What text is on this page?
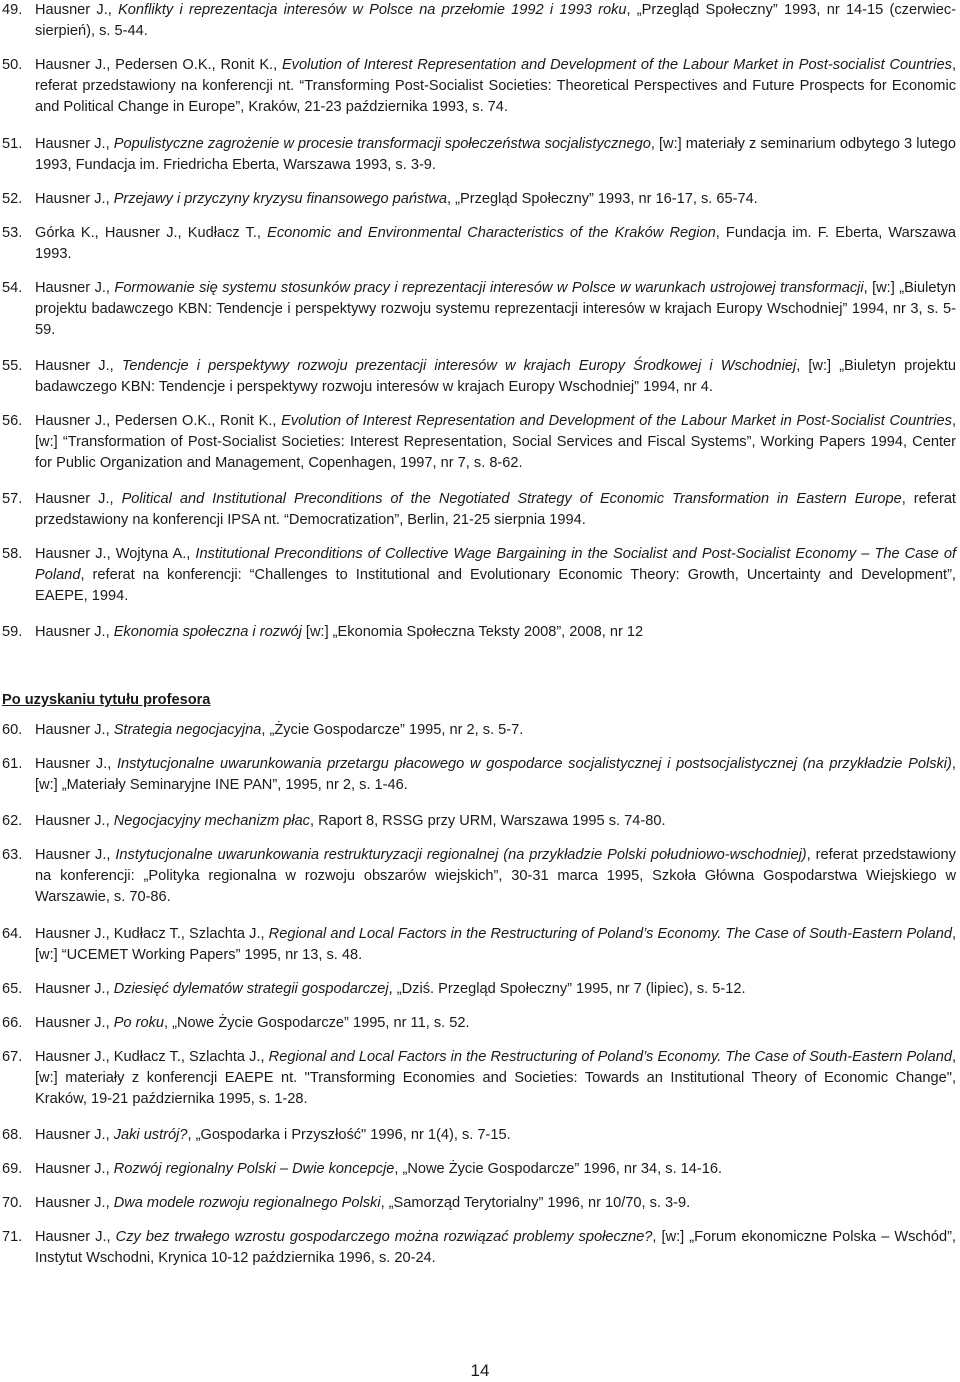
49. Hausner J., Konflikty i reprezentacja interesów w Polsce na przełomie 1992 i 1993 roku, „Przegląd Społeczny” 1993, nr 14-15 (czerwiec-sierpień), s. 5-44.
50. Hausner J., Pedersen O.K., Ronit K., Evolution of Interest Representation and Development of the Labour Market in Post-socialist Countries, referat przedstawiony na konferencji nt. “Transforming Post-Socialist Societies: Theoretical Perspectives and Future Prospects for Economic and Political Change in Europe”, Kraków, 21-23 października 1993, s. 74.
51. Hausner J., Populistyczne zagrożenie w procesie transformacji społeczeństwa socjalistycznego, [w:] materiały z seminarium odbytego 3 lutego 1993, Fundacja im. Friedricha Eberta, Warszawa 1993, s. 3-9.
52. Hausner J., Przejawy i przyczyny kryzysu finansowego państwa, „Przegląd Społeczny” 1993, nr 16-17, s. 65-74.
53. Górka K., Hausner J., Kudłacz T., Economic and Environmental Characteristics of the Kraków Region, Fundacja im. F. Eberta, Warszawa 1993.
54. Hausner J., Formowanie się systemu stosunków pracy i reprezentacji interesów w Polsce w warunkach ustrojowej transformacji, [w:] „Biuletyn projektu badawczego KBN: Tendencje i perspektywy rozwoju systemu reprezentacji interesów w krajach Europy Wschodniej” 1994, nr 3, s. 5-59.
55. Hausner J., Tendencje i perspektywy rozwoju prezentacji interesów w krajach Europy Środkowej i Wschodniej, [w:] „Biuletyn projektu badawczego KBN: Tendencje i perspektywy rozwoju interesów w krajach Europy Wschodniej” 1994, nr 4.
56. Hausner J., Pedersen O.K., Ronit K., Evolution of Interest Representation and Development of the Labour Market in Post-Socialist Countries, [w:] “Transformation of Post-Socialist Societies: Interest Representation, Social Services and Fiscal Systems”, Working Papers 1994, Center for Public Organization and Management, Copenhagen, 1997, nr 7, s. 8-62.
57. Hausner J., Political and Institutional Preconditions of the Negotiated Strategy of Economic Transformation in Eastern Europe, referat przedstawiony na konferencji IPSA nt. “Democratization”, Berlin, 21-25 sierpnia 1994.
58. Hausner J., Wojtyna A., Institutional Preconditions of Collective Wage Bargaining in the Socialist and Post-Socialist Economy – The Case of Poland, referat na konferencji: “Challenges to Institutional and Evolutionary Economic Theory: Growth, Uncertainty and Development”, EAEPE, 1994.
59. Hausner J., Ekonomia społeczna i rozwój [w:] „Ekonomia Społeczna Teksty 2008”, 2008, nr 12
Po uzyskaniu tytułu profesora
60. Hausner J., Strategia negocjacyjna, „Życie Gospodarcze” 1995, nr 2, s. 5-7.
61. Hausner J., Instytucjonalne uwarunkowania przetargu płacowego w gospodarce socjalistycznej i postsocjalistycznej (na przykładzie Polski), [w:] „Materiały Seminaryjne INE PAN”, 1995, nr 2, s. 1-46.
62. Hausner J., Negocjacyjny mechanizm płac, Raport 8, RSSG przy URM, Warszawa 1995 s. 74-80.
63. Hausner J., Instytucjonalne uwarunkowania restrukturyzacji regionalnej (na przykładzie Polski południowo-wschodniej), referat przedstawiony na konferencji: „Polityka regionalna w rozwoju obszarów wiejskich”, 30-31 marca 1995, Szkoła Główna Gospodarstwa Wiejskiego w Warszawie, s. 70-86.
64. Hausner J., Kudłacz T., Szlachta J., Regional and Local Factors in the Restructuring of Poland’s Economy. The Case of South-Eastern Poland, [w:] “UCEMET Working Papers” 1995, nr 13, s. 48.
65. Hausner J., Dziesięć dylematów strategii gospodarczej, „Dziś. Przegląd Społeczny” 1995, nr 7 (lipiec), s. 5-12.
66. Hausner J., Po roku, „Nowe Życie Gospodarcze” 1995, nr 11, s. 52.
67. Hausner J., Kudłacz T., Szlachta J., Regional and Local Factors in the Restructuring of Poland’s Economy. The Case of South-Eastern Poland, [w:] materiały z konferencji EAEPE nt. "Transforming Economies and Societies: Towards an Institutional Theory of Economic Change", Kraków, 19-21 października 1995, s. 1-28.
68. Hausner J., Jaki ustrój?, „Gospodarka i Przyszłość" 1996, nr 1(4), s. 7-15.
69. Hausner J., Rozwój regionalny Polski – Dwie koncepcje, „Nowe Życie Gospodarcze” 1996, nr 34, s. 14-16.
70. Hausner J., Dwa modele rozwoju regionalnego Polski, „Samorząd Terytorialny” 1996, nr 10/70, s. 3-9.
71. Hausner J., Czy bez trwałego wzrostu gospodarczego można rozwiązać problemy społeczne?, [w:] „Forum ekonomiczne Polska – Wschód”, Instytut Wschodni, Krynica 10-12 października 1996, s. 20-24.
14
